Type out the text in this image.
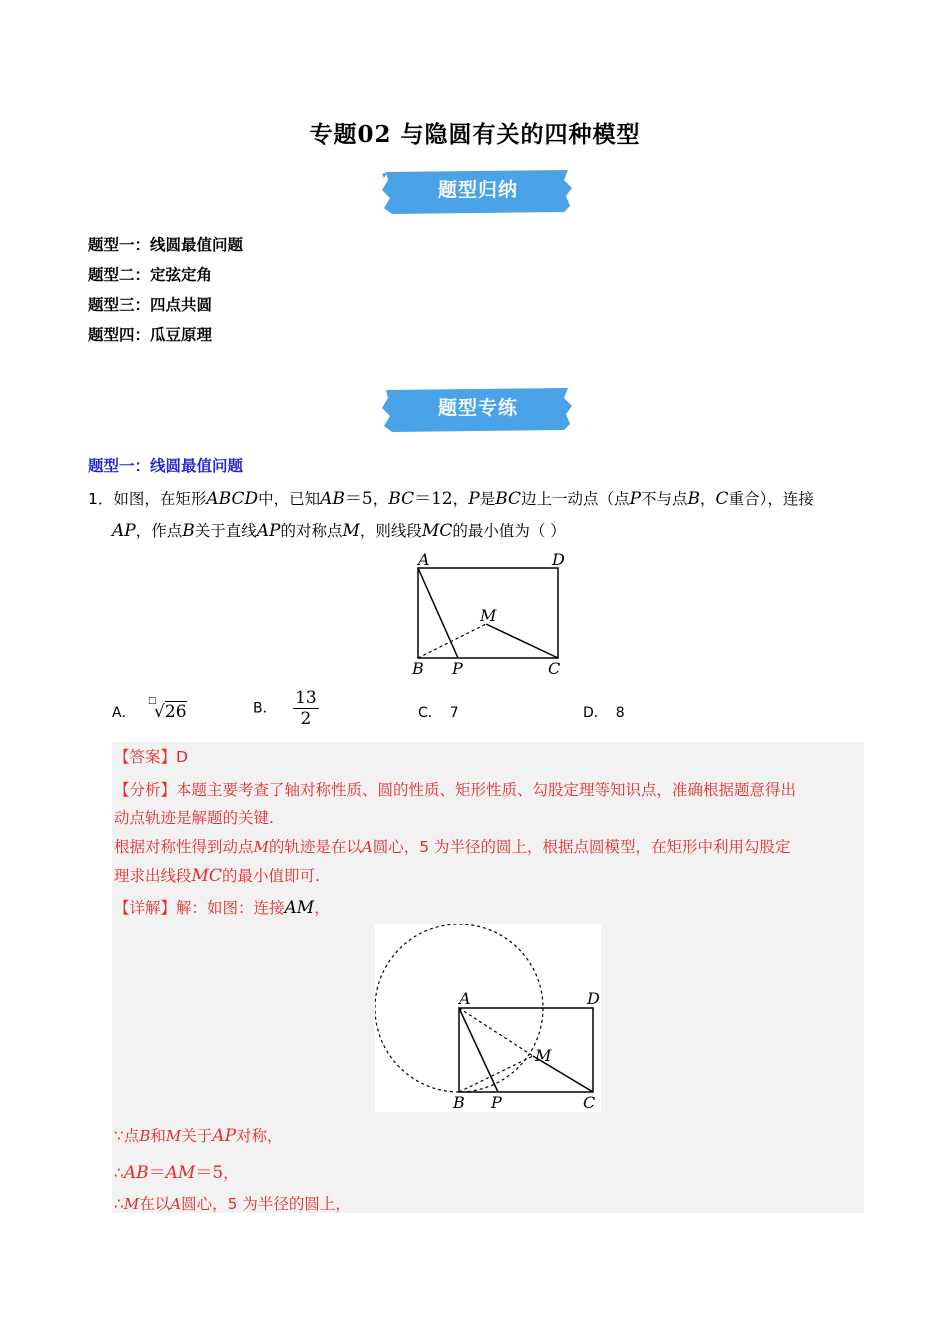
专题02 与隐圆有关的四种模型
题型归纳
题型一：线圆最值问题
题型二：定弦定角
题型三：四点共圆
题型四：瓜豆原理
题型专练
题型一：线圆最值问题
1．如图，在矩形ABCD中，已知AB＝5，BC＝12，P是BC边上一动点（点P不与点B，C重合），连接
AP，作点B关于直线AP的对称点M，则线段MC的最小值为（ ）
A	D
M
B P	C
A．
□
√26	B． $\frac{13}{2}$	C． 7	D． 8
【答案】D
【分析】本题主要考查了轴对称性质、圆的性质、矩形性质、勾股定理等知识点，准确根据题意得出
动点轨迹是解题的关键.
根据对称性得到动点M的轨迹是在以A圆心，5 为半径的圆上，根据点圆模型，在矩形中利用勾股定
理求出线段MC的最小值即可.
【详解】解：如图：连接AM，
A	D
M
B P	C
∵点B和M关于AP对称，
∴AB＝AM＝5，
∴M在以A圆心，5 为半径的圆上，
